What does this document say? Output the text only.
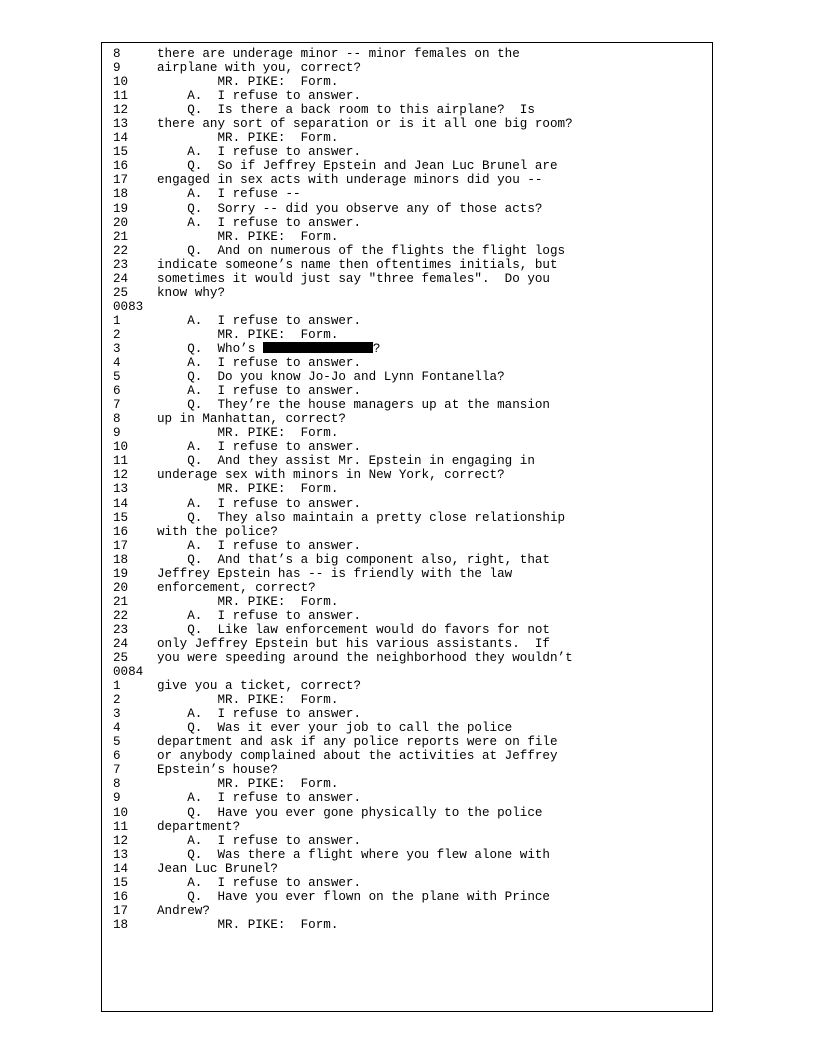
8	there are underage minor -- minor females on the
9	airplane with you, correct?
10	MR. PIKE:  Form.
11	A.  I refuse to answer.
12	Q.  Is there a back room to this airplane?  Is
13	there any sort of separation or is it all one big room?
14	MR. PIKE:  Form.
15	A.  I refuse to answer.
16	Q.  So if Jeffrey Epstein and Jean Luc Brunel are
17	engaged in sex acts with underage minors did you --
18	A.  I refuse --
19	Q.  Sorry -- did you observe any of those acts?
20	A.  I refuse to answer.
21	MR. PIKE:  Form.
22	Q.  And on numerous of the flights the flight logs
23	indicate someone’s name then oftentimes initials, but
24	sometimes it would just say "three females".  Do you
25	know why?
0083
1	A.  I refuse to answer.
2	MR. PIKE:  Form.
3	Q.  Who’s	?
4	A.  I refuse to answer.
5	Q.  Do you know Jo-Jo and Lynn Fontanella?
6	A.  I refuse to answer.
7	Q.  They’re the house managers up at the mansion
8	up in Manhattan, correct?
9	MR. PIKE:  Form.
10	A.  I refuse to answer.
11	Q.  And they assist Mr. Epstein in engaging in
12	underage sex with minors in New York, correct?
13	MR. PIKE:  Form.
14	A.  I refuse to answer.
15	Q.  They also maintain a pretty close relationship
16	with the police?
17	A.  I refuse to answer.
18	Q.  And that’s a big component also, right, that
19	Jeffrey Epstein has -- is friendly with the law
20	enforcement, correct?
21	MR. PIKE:  Form.
22	A.  I refuse to answer.
23	Q.  Like law enforcement would do favors for not
24	only Jeffrey Epstein but his various assistants.  If
25	you were speeding around the neighborhood they wouldn’t
0084
1	give you a ticket, correct?
2	MR. PIKE:  Form.
3	A.  I refuse to answer.
4	Q.  Was it ever your job to call the police
5	department and ask if any police reports were on file
6	or anybody complained about the activities at Jeffrey
7	Epstein’s house?
8	MR. PIKE:  Form.
9	A.  I refuse to answer.
10	Q.  Have you ever gone physically to the police
11	department?
12	A.  I refuse to answer.
13	Q.  Was there a flight where you flew alone with
14	Jean Luc Brunel?
15	A.  I refuse to answer.
16	Q.  Have you ever flown on the plane with Prince
17	Andrew?
18	MR. PIKE:  Form.
